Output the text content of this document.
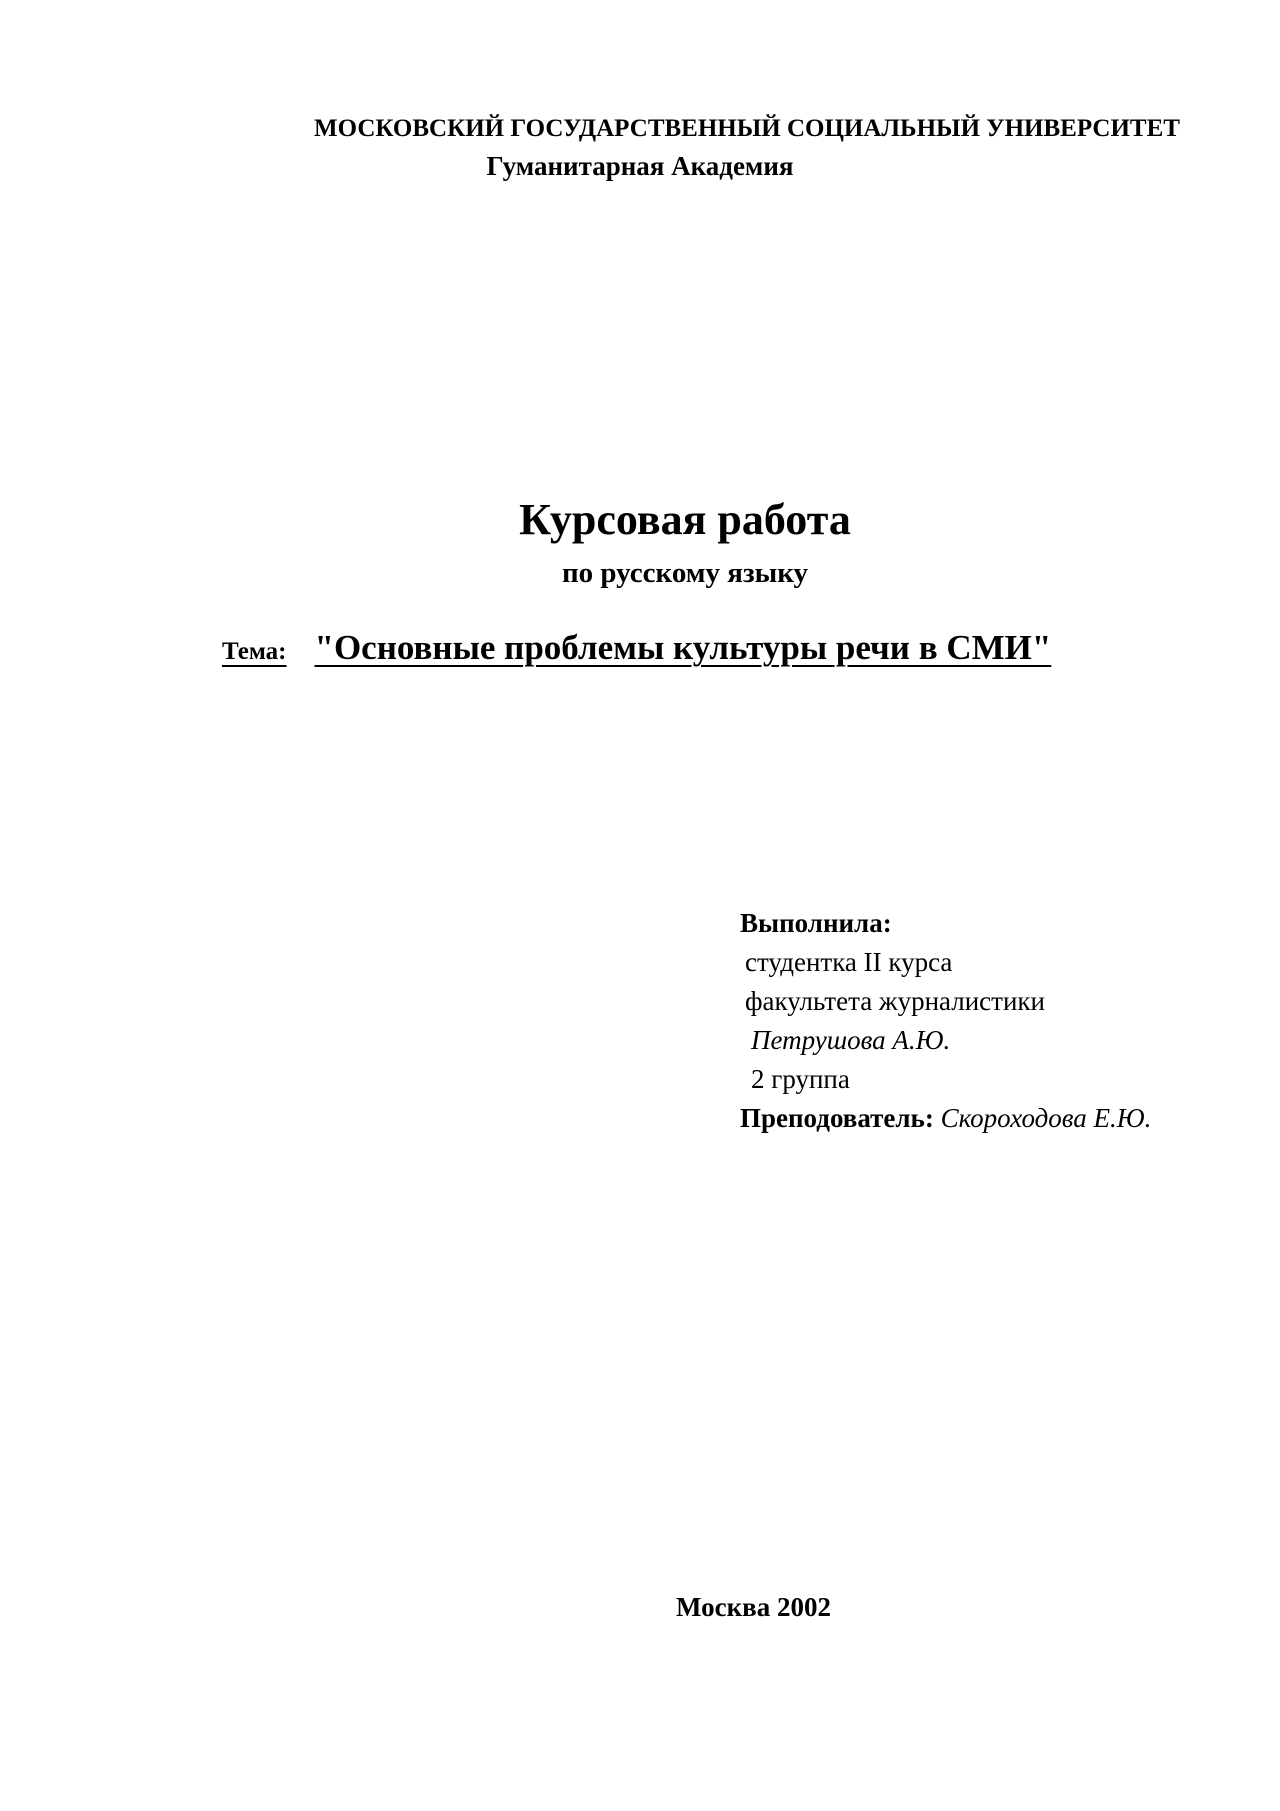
МОСКОВСКИЙ ГОСУДАРСТВЕННЫЙ СОЦИАЛЬНЫЙ УНИВЕРСИТЕТ
Гуманитарная Академия
Курсовая работа
по русскому языку
Тема: "Основные проблемы культуры речи в СМИ"
Выполнила:
студентка II курса
факультета журналистики
Петрушова А.Ю.
2 группа
Преподователь: Скороходова Е.Ю.
Москва 2002
